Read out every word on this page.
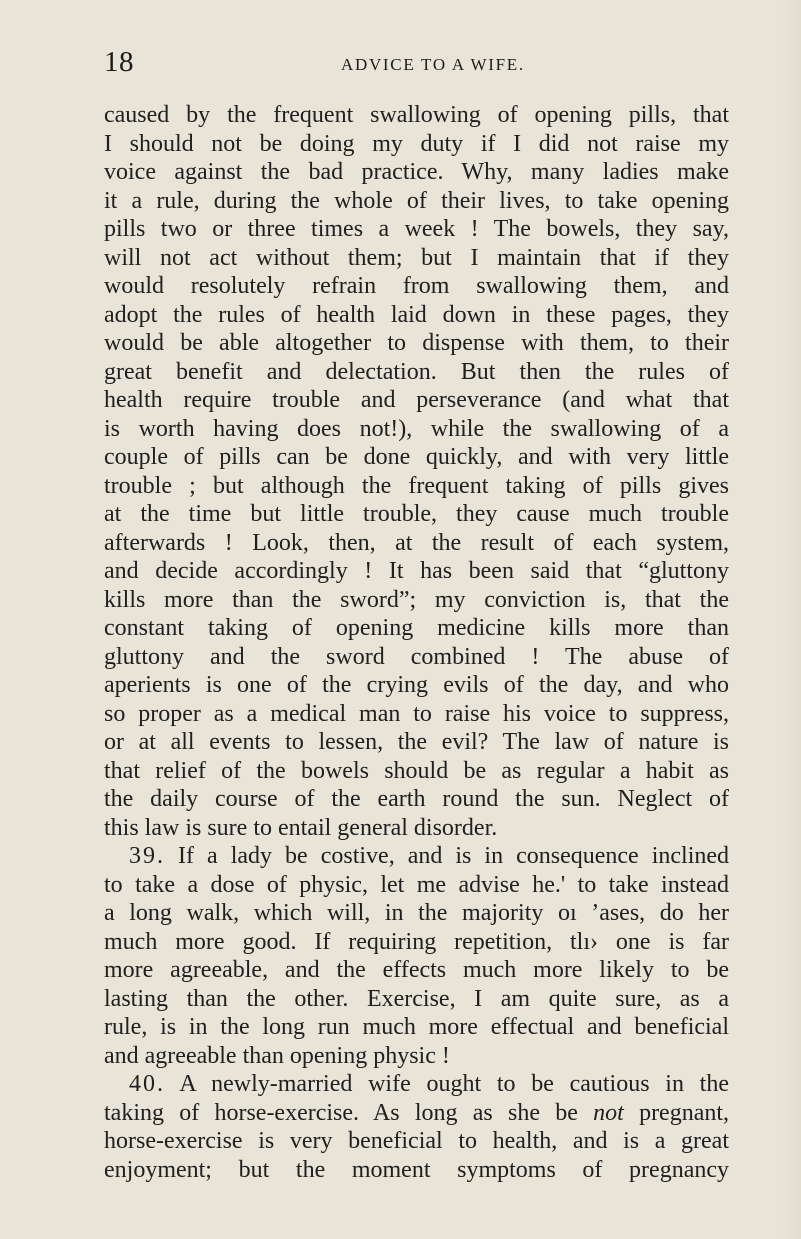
18	ADVICE TO A WIFE.
caused by the frequent swallowing of opening pills, that
I should not be doing my duty if I did not raise my
voice against the bad practice. Why, many ladies make
it a rule, during the whole of their lives, to take opening
pills two or three times a week ! The bowels, they say,
will not act without them; but I maintain that if they
would resolutely refrain from swallowing them, and
adopt the rules of health laid down in these pages, they
would be able altogether to dispense with them, to their
great benefit and delectation. But then the rules of
health require trouble and perseverance (and what that
is worth having does not!), while the swallowing of a
couple of pills can be done quickly, and with very little
trouble ; but although the frequent taking of pills gives
at the time but little trouble, they cause much trouble
afterwards ! Look, then, at the result of each system,
and decide accordingly ! It has been said that “gluttony
kills more than the sword”; my conviction is, that the
constant taking of opening medicine kills more than
gluttony and the sword combined ! The abuse of
aperients is one of the crying evils of the day, and who
so proper as a medical man to raise his voice to suppress,
or at all events to lessen, the evil? The law of nature is
that relief of the bowels should be as regular a habit as
the daily course of the earth round the sun. Neglect of
this law is sure to entail general disorder.
39. If a lady be costive, and is in consequence inclined
to take a dose of physic, let me advise he.' to take instead
a long walk, which will, in the majority oı ʼases, do her
much more good. If requiring repetition, tlı› one is far
more agreeable, and the effects much more likely to be
lasting than the other. Exercise, I am quite sure, as a
rule, is in the long run much more effectual and beneficial
and agreeable than opening physic !
40. A newly-married wife ought to be cautious in the
taking of horse-exercise. As long as she be not pregnant,
horse-exercise is very beneficial to health, and is a great
enjoyment; but the moment symptoms of pregnancy
